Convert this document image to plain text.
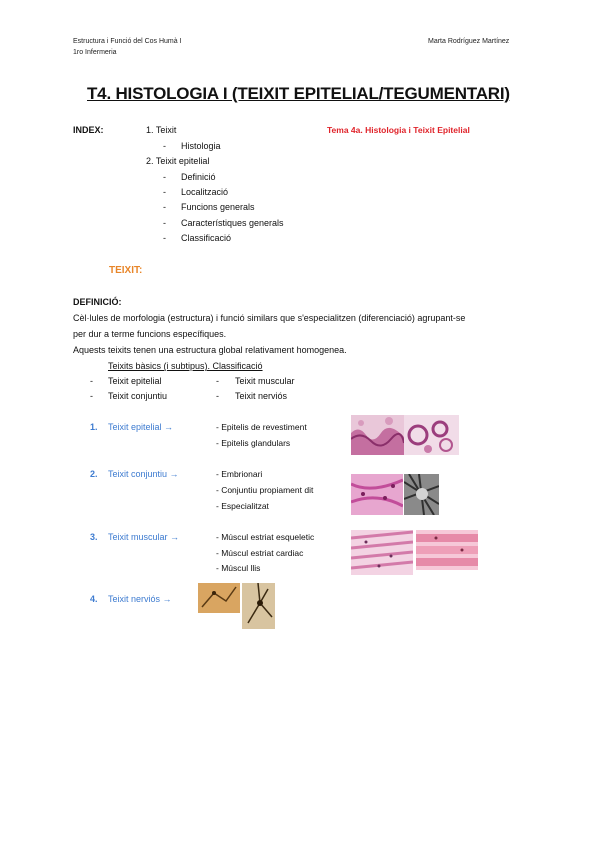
Estructura i Funció del Cos Humà I
1ro Infermeria
Marta Rodríguez Martínez
T4. HISTOLOGIA I (TEIXIT EPITELIAL/TEGUMENTARI)
INDEX:	1. Teixit	Tema 4a. Histologia i Teixit Epitelial
- Histologia
2. Teixit epitelial
- Definició
- Localització
- Funcions generals
- Característiques generals
- Classificació
TEIXIT:
DEFINICIÓ:
Cèl·lules de morfologia (estructura) i funció similars que s'especialitzen (diferenciació) agrupant-se
per dur a terme funcions específiques.
Aquests teixits tenen una estructura global relativament homogenea.
Teixits bàsics (i subtipus). Classificació
- Teixit epitelial	- Teixit muscular
- Teixit conjuntiu	- Teixit nerviós
1. Teixit epitelial →	- Epitelis de revestiment
- Epitelis glandulars
2. Teixit conjuntiu →	- Embrionari
- Conjuntiu propiament dit
- Especialitzat
3. Teixit muscular →	- Múscul estriat esqueletic
- Múscul estriat cardiac
- Múscul llis
4. Teixit nerviós →
